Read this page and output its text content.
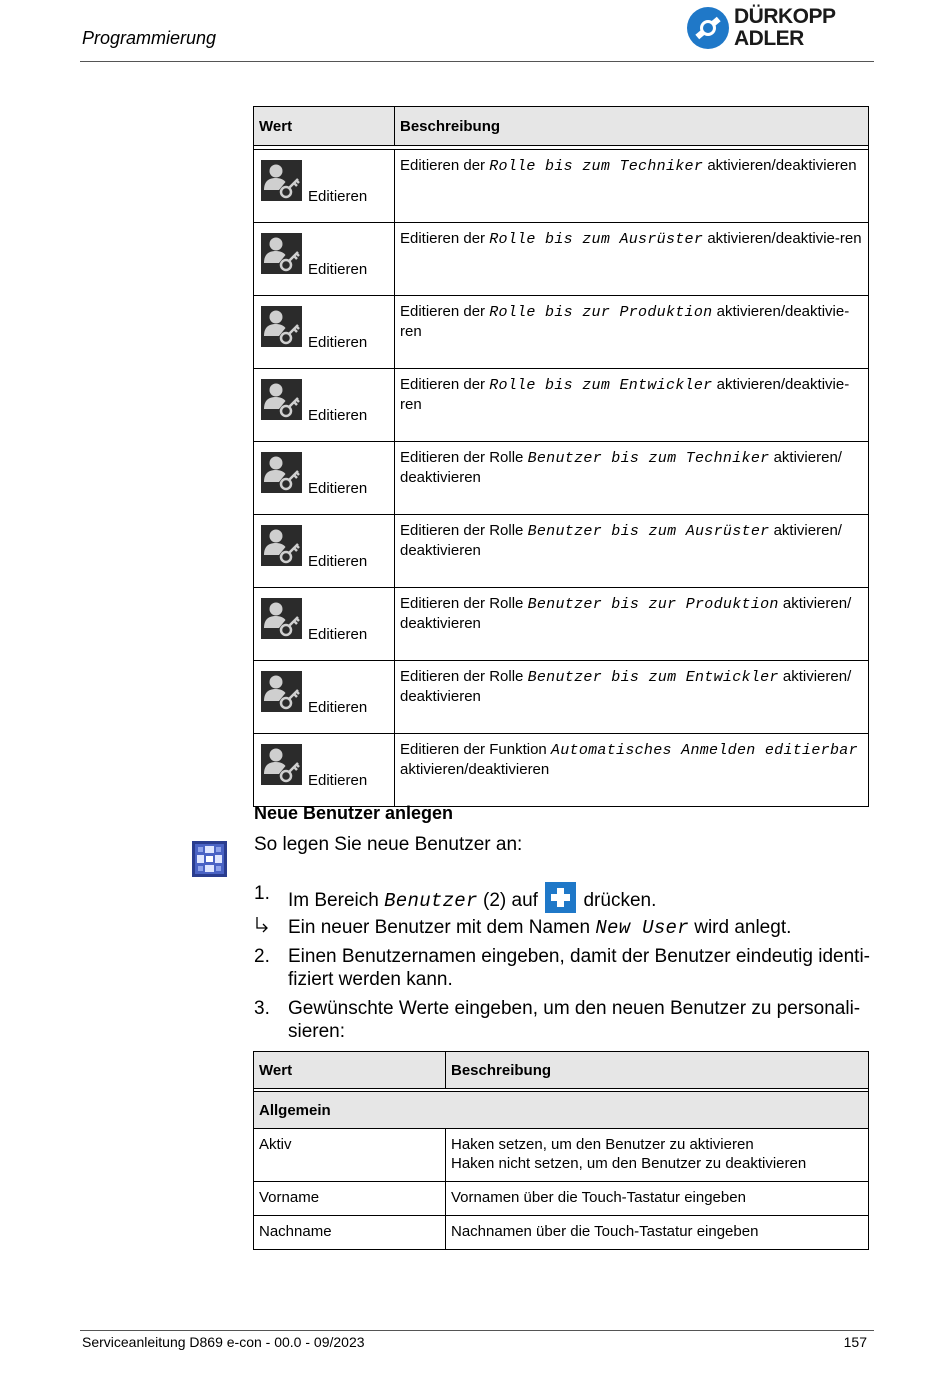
Programmierung
DÜRKOPP
ADLER
Wert	Beschreibung

Editieren	Editieren der Rolle bis zum Techniker aktivieren/deaktivieren

Editieren	Editieren der Rolle bis zum Ausrüster aktivieren/deaktivie-ren

Editieren	Editieren der Rolle bis zur Produktion aktivieren/deaktivie-ren

Editieren	Editieren der Rolle bis zum Entwickler aktivieren/deaktivie-ren

Editieren	Editieren der Rolle Benutzer bis zum Techniker aktivieren/ deaktivieren

Editieren	Editieren der Rolle Benutzer bis zum Ausrüster aktivieren/ deaktivieren

Editieren	Editieren der Rolle Benutzer bis zur Produktion aktivieren/ deaktivieren

Editieren	Editieren der Rolle Benutzer bis zum Entwickler aktivieren/ deaktivieren

Editieren	Editieren der Funktion Automatisches Anmelden editierbar aktivieren/deaktivieren
Neue Benutzer anlegen
So legen Sie neue Benutzer an:
1. Im Bereich Benutzer (2) auf  drücken.
Ein neuer Benutzer mit dem Namen New User wird anlegt.
2. Einen Benutzernamen eingeben, damit der Benutzer eindeutig identi-fiziert werden kann.
3. Gewünschte Werte eingeben, um den neuen Benutzer zu personali-sieren:
Wert	Beschreibung

Allgemein	
Aktiv	Haken setzen, um den Benutzer zu aktivieren
Haken nicht setzen, um den Benutzer zu deaktivieren

Vorname	Vornamen über die Touch-Tastatur eingeben

Nachname	Nachnamen über die Touch-Tastatur eingeben
Serviceanleitung D869 e-con - 00.0 - 09/2023	157
